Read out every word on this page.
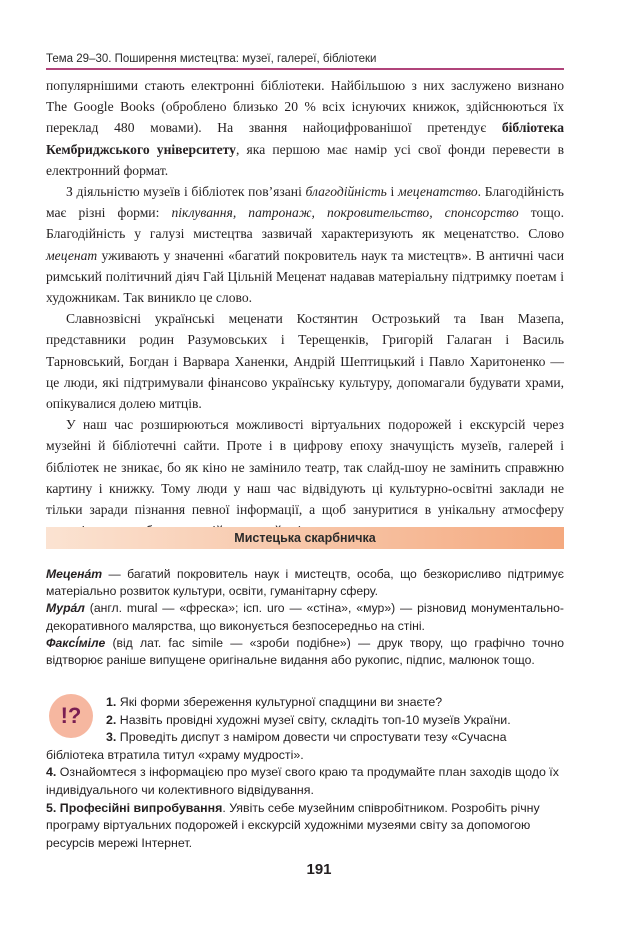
Тема 29–30. Поширення мистецтва: музеї, галереї, бібліотеки

популярнішими стають електронні бібліотеки. Найбільшою з них заслужено визнано The Google Books (оброблено близько 20 % всіх існуючих книжок, здійснюються їх переклад 480 мовами). На звання найоцифрованішої претендує бібліотека Кембриджського університету, яка першою має намір усі свої фонди перевести в електронний формат.

З діяльністю музеїв і бібліотек пов’язані благодійність і меценатство. Благодійність має різні форми: піклування, патронаж, покровительство, спонсорство тощо. Благодійність у галузі мистецтва зазвичай характеризують як меценатство. Слово меценат уживають у значенні «багатий покровитель наук та мистецтв». В античні часи римський політичний діяч Гай Цільній Меценат надавав матеріальну підтримку поетам і художникам. Так виникло це слово.

Славнозвісні українські меценати Костянтин Острозький та Іван Мазепа, представники родин Разумовських і Терещенків, Григорій Галаган і Василь Тарновський, Богдан і Варвара Ханенки, Андрій Шептицький і Павло Харитоненко — це люди, які підтримували фінансово українську культуру, допомагали будувати храми, опікувалися долею митців.

У наш час розширюються можливості віртуальних подорожей і екскурсій через музейні й бібліотечні сайти. Проте і в цифрову епоху значущість музеїв, галерей і бібліотек не зникає, бо як кіно не замінило театр, так слайд-шоу не замінить справжню картину і книжку. Тому люди у наш час відвідують ці культурно-освітні заклади не тільки заради пізнання певної інформації, а щоб зануритися в унікальну атмосферу

Мистецька скарбничка

Мецена́т — багатий покровитель наук і мистецтв, особа, що безкорисливо підтримує матеріально розвиток культури, освіти, гуманітарну сферу.

Мура́л (англ. mural — «фреска»; ісп. uro — «стіна», «мур») — різновид монументально-декоративного малярства, що виконується безпосередньо на стіні.

Факсі́міле (від лат. fac simile — «зроби подібне») — друк твору, що графічно точно відтворює раніше випущене оригінальне видання або рукопис, підпис, малюнок тощо.

!?

1. Які форми збереження культурної спадщини ви знаєте?

2. Назвіть провідні художні музеї світу, складіть топ-10 музеїв України.

3. Проведіть диспут з наміром довести чи спростувати тезу «Сучасна бібліотека втратила титул «храму мудрості».

4. Ознайомтеся з інформацією про музеї свого краю та продумайте план заходів щодо їх індивідуального чи колективного відвідування.

5. Професійні випробування. Уявіть себе музейним співробітником. Розробіть річну програму віртуальних подорожей і екскурсій художніми музеями світу за допомогою ресурсів мережі Інтернет.

191
